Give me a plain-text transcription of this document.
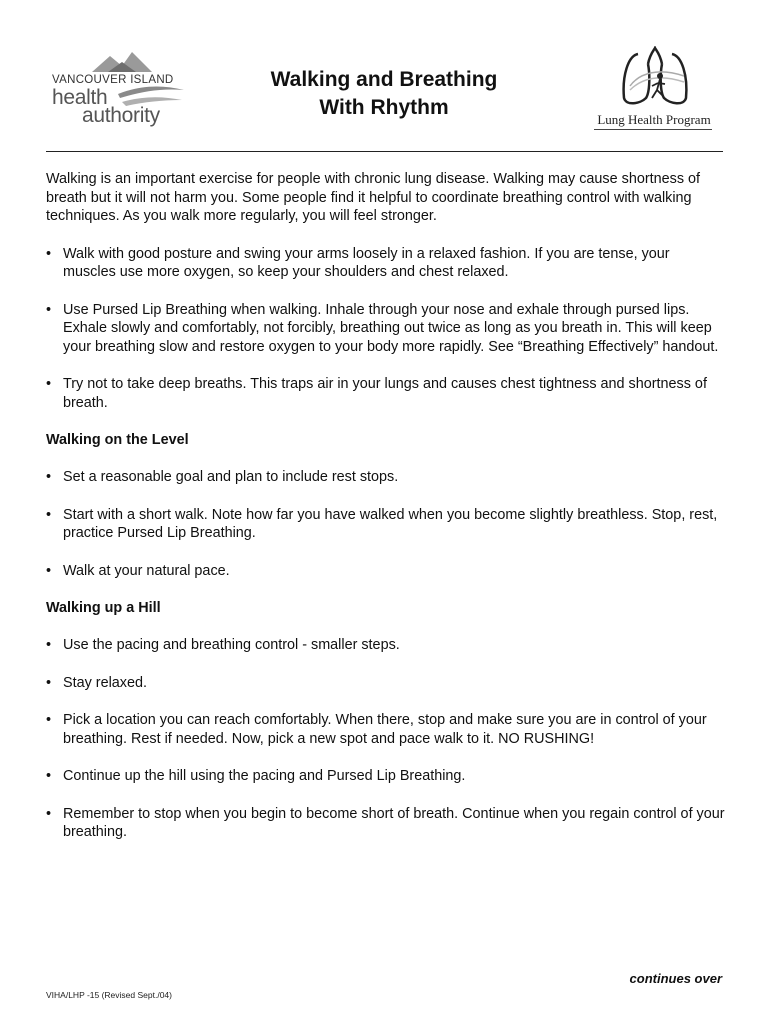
VANCOUVER ISLAND
health
authority
Walking and Breathing
With Rhythm
Lung Health Program

Walking is an important exercise for people with chronic lung disease. Walking may cause shortness of breath but it will not harm you. Some people find it helpful to coordinate breathing control with walking techniques. As you walk more regularly, you will feel stronger.

• Walk with good posture and swing your arms loosely in a relaxed fashion. If you are tense, your muscles use more oxygen, so keep your shoulders and chest relaxed.
• Use Pursed Lip Breathing when walking. Inhale through your nose and exhale through pursed lips. Exhale slowly and comfortably, not forcibly, breathing out twice as long as you breath in. This will keep your breathing slow and restore oxygen to your body more rapidly. See “Breathing Effectively” handout.
• Try not to take deep breaths. This traps air in your lungs and causes chest tightness and shortness of breath.
Walking on the Level
• Set a reasonable goal and plan to include rest stops.
• Start with a short walk. Note how far you have walked when you become slightly breathless. Stop, rest, practice Pursed Lip Breathing.
• Walk at your natural pace.
Walking up a Hill
• Use the pacing and breathing control - smaller steps.
• Stay relaxed.
• Pick a location you can reach comfortably. When there, stop and make sure you are in control of your breathing. Rest if needed. Now, pick a new spot and pace walk to it. NO RUSHING!
• Continue up the hill using the pacing and Pursed Lip Breathing.
• Remember to stop when you begin to become short of breath. Continue when you regain control of your breathing.
continues over
VIHA/LHP -15 (Revised Sept./04)
